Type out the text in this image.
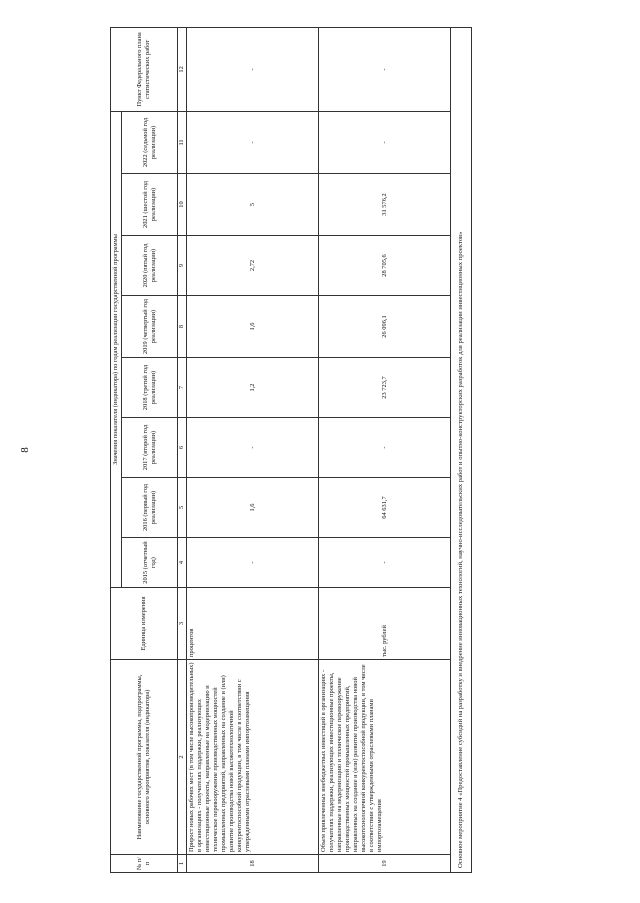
8
№ п/п	Наименование государственной программы, подпрограммы, основного мероприятия, показателя (индикатора)	Единица измерения	Значения показателя (индикатора) по годам реализации государственной программы								Пункт Федерального плана статистических работ
			2015 (отчетный год)	2016 (первый год реализации)	2017 (второй год реализации)	2018 (третий год реализации)	2019 (четвертый год реализации)	2020 (пятый год реализации)	2021 (шестой год реализации)	2022 (седьмой год реализации)	
1	2	3	4	5	6	7	8	9	10	11	12
18	Прирост новых рабочих мест (в том числе высокопроизводительных) в организациях - получателях поддержки, реализующих инвестиционные проекты, направленные на модернизацию и техническое перевооружение производственных мощностей промышленных предприятий, направленных на создание и (или) развитие производства новой высокотехнологичной конкурентоспособной продукции, в том числе в соответствии с утвержденными отраслевыми планами импортозамещения	процентов	-	1,6	-	1,2	1,6	2,72	5	-	-
19	Объем привлеченных внебюджетных инвестиций в организациях - получателях поддержки, реализующих инвестиционные проекты, направленные на модернизацию и техническое перевооружение производственных мощностей промышленных предприятий, направленных на создание и (или) развитие производства новой высокотехнологичной конкурентоспособной продукции, в том числе в соответствии с утвержденными отраслевыми планами импортозамещения	тыс. рублей	-	64 631,7	-	23 723,7	26 096,1	28 705,6	31 576,2	-	-
Основное мероприятие 4 «Предоставление субсидий на разработку и внедрение инновационных технологий, научно-исследовательских работ и опытно-конструкторских разработок для реализации инвестиционных проектов»											
